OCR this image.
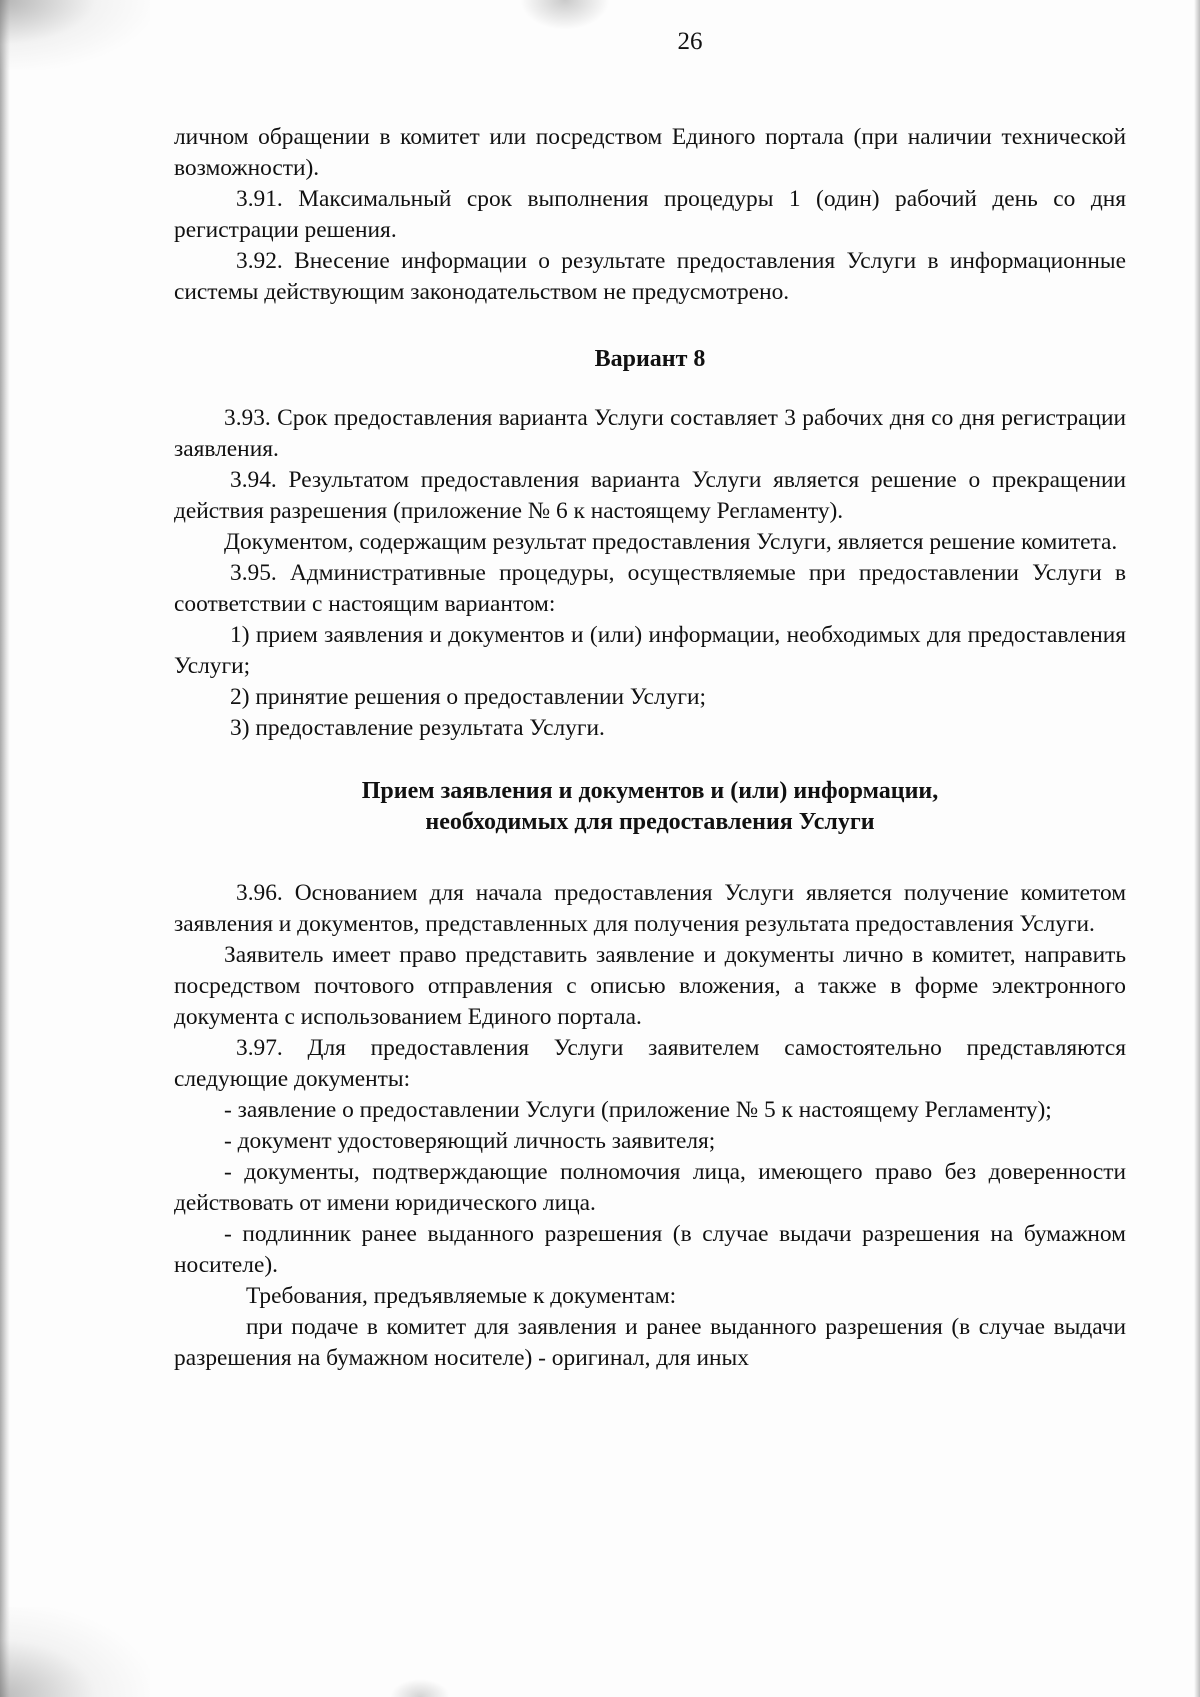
26

личном обращении в комитет или посредством Единого портала (при наличии технической возможности).

3.91. Максимальный срок выполнения процедуры 1 (один) рабочий день со дня регистрации решения.

3.92. Внесение информации о результате предоставления Услуги в информационные системы действующим законодательством не предусмотрено.

Вариант 8

3.93. Срок предоставления варианта Услуги составляет 3 рабочих дня со дня регистрации заявления.

3.94. Результатом предоставления варианта Услуги является решение о прекращении действия разрешения (приложение № 6 к настоящему Регламенту).

Документом, содержащим результат предоставления Услуги, является решение комитета.

3.95. Административные процедуры, осуществляемые при предоставлении Услуги в соответствии с настоящим вариантом:

1) прием заявления и документов и (или) информации, необходимых для предоставления Услуги;

2) принятие решения о предоставлении Услуги;

3) предоставление результата Услуги.

Прием заявления и документов и (или) информации,

необходимых для предоставления Услуги

3.96. Основанием для начала предоставления Услуги является получение комитетом заявления и документов, представленных для получения результата предоставления Услуги.

Заявитель имеет право представить заявление и документы лично в комитет, направить посредством почтового отправления с описью вложения, а также в форме электронного документа с использованием Единого портала.

3.97. Для предоставления Услуги заявителем самостоятельно представляются следующие документы:

- заявление о предоставлении Услуги (приложение № 5 к настоящему Регламенту);

- документ удостоверяющий личность заявителя;

- документы, подтверждающие полномочия лица, имеющего право без доверенности действовать от имени юридического лица.

- подлинник ранее выданного разрешения (в случае выдачи разрешения на бумажном носителе).

Требования, предъявляемые к документам:

при подаче в комитет для заявления и ранее выданного разрешения (в случае выдачи разрешения на бумажном носителе) - оригинал, для иных
